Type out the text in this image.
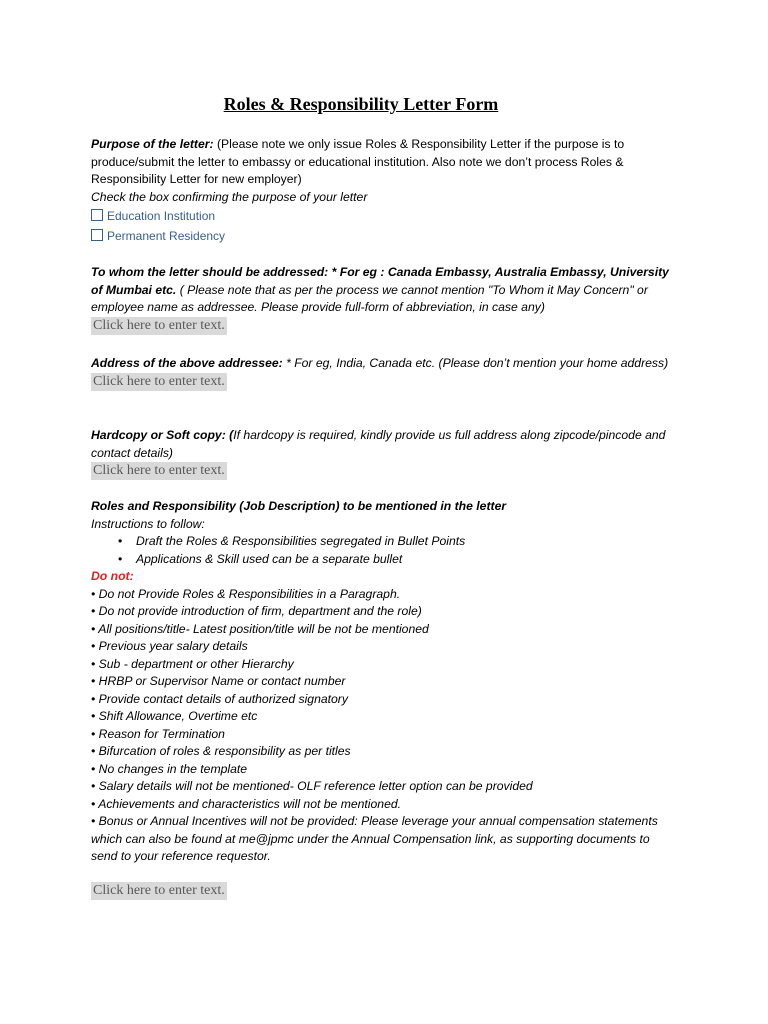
Roles & Responsibility Letter Form

Purpose of the letter: (Please note we only issue Roles & Responsibility Letter if the purpose is to produce/submit the letter to embassy or educational institution. Also note we don’t process Roles & Responsibility Letter for new employer)

Check the box confirming the purpose of your letter

Education Institution
Permanent Residency

To whom the letter should be addressed: * For eg : Canada Embassy, Australia Embassy, University of Mumbai etc. ( Please note that as per the process we cannot mention "To Whom it May Concern" or employee name as addressee. Please provide full-form of abbreviation, in case any)

Click here to enter text.

Address of the above addressee: * For eg, India, Canada etc. (Please don’t mention your home address)

Click here to enter text.

Hardcopy or Soft copy: (If hardcopy is required, kindly provide us full address along zipcode/pincode and contact details)

Click here to enter text.

Roles and Responsibility (Job Description) to be mentioned in the letter

Instructions to follow:

• Draft the Roles & Responsibilities segregated in Bullet Points
• Applications & Skill used can be a separate bullet

Do not:

• Do not Provide Roles & Responsibilities in a Paragraph.

• Do not provide introduction of firm, department and the role)

• All positions/title- Latest position/title will be not be mentioned

• Previous year salary details

• Sub - department or other Hierarchy

• HRBP or Supervisor Name or contact number

• Provide contact details of authorized signatory

• Shift Allowance, Overtime etc

• Reason for Termination

• Bifurcation of roles & responsibility as per titles

• No changes in the template

• Salary details will not be mentioned- OLF reference letter option can be provided

• Achievements and characteristics will not be mentioned.

• Bonus or Annual Incentives will not be provided: Please leverage your annual compensation statements which can also be found at me@jpmc under the Annual Compensation link, as supporting documents to send to your reference requestor.

Click here to enter text.
